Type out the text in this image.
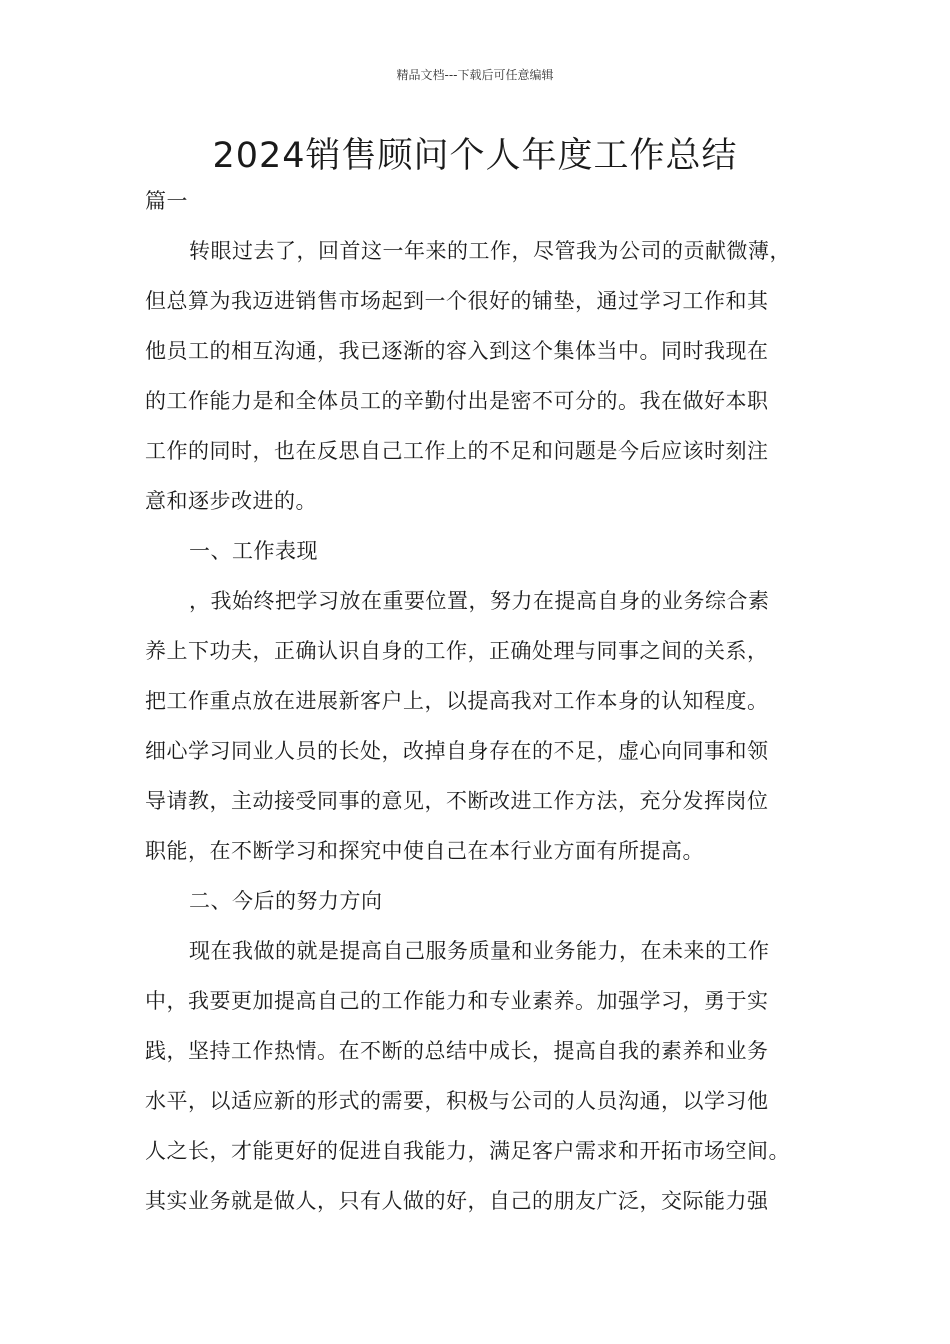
精品文档---下载后可任意编辑
2024销售顾问个人年度工作总结
篇一
转眼过去了，回首这一年来的工作，尽管我为公司的贡献微薄，
但总算为我迈进销售市场起到一个很好的铺垫，通过学习工作和其
他员工的相互沟通，我已逐渐的容入到这个集体当中。同时我现在
的工作能力是和全体员工的辛勤付出是密不可分的。我在做好本职
工作的同时，也在反思自己工作上的不足和问题是今后应该时刻注
意和逐步改进的。
一、工作表现
，我始终把学习放在重要位置，努力在提高自身的业务综合素
养上下功夫，正确认识自身的工作，正确处理与同事之间的关系，
把工作重点放在进展新客户上，以提高我对工作本身的认知程度。
细心学习同业人员的长处，改掉自身存在的不足，虚心向同事和领
导请教，主动接受同事的意见，不断改进工作方法，充分发挥岗位
职能，在不断学习和探究中使自己在本行业方面有所提高。
二、今后的努力方向
现在我做的就是提高自己服务质量和业务能力，在未来的工作
中，我要更加提高自己的工作能力和专业素养。加强学习，勇于实
践，坚持工作热情。在不断的总结中成长，提高自我的素养和业务
水平，以适应新的形式的需要，积极与公司的人员沟通，以学习他
人之长，才能更好的促进自我能力，满足客户需求和开拓市场空间。
其实业务就是做人，只有人做的好，自己的朋友广泛，交际能力强
